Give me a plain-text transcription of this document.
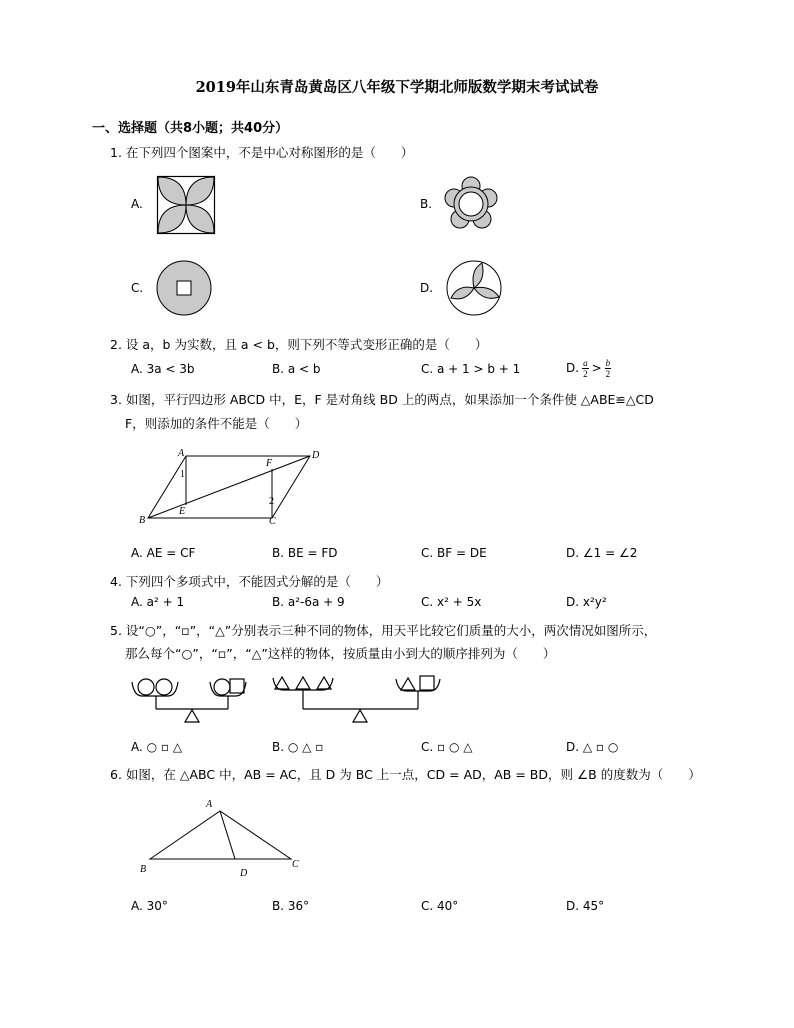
2019年山东青岛黄岛区八年级下学期北师版数学期末考试试卷
一、选择题（共8小题；共40分）
1. 在下列四个图案中，不是中心对称图形的是（　　）
A.	B.
C.	D.
2. 设 a，b 为实数，且 a < b，则下列不等式变形正确的是（　　）
A. 3a < 3b	B. a < b	C. a + 1 > b + 1	D. a
2 > b
2
3. 如图，平行四边形 ABCD 中，E，F 是对角线 BD 上的两点，如果添加一个条件使 △ABE≌△CD
F，则添加的条件不能是（　　）
A	D
B	C
E
F
1
2
A. AE = CF	B. BE = FD	C. BF = DE	D. ∠1 = ∠2
4. 下列四个多项式中，不能因式分解的是（　　）
A. a² + 1	B. a²-6a + 9	C. x² + 5x	D. x²y²
5. 设“○”，“▫”，“△”分别表示三种不同的物体，用天平比较它们质量的大小，两次情况如图所示，
那么每个“○”，“▫”，“△”这样的物体，按质量由小到大的顺序排列为（　　）
A. ○ ▫ △	B. ○ △ ▫	C. ▫ ○ △	D. △ ▫ ○
6. 如图，在 △ABC 中，AB = AC，且 D 为 BC 上一点，CD = AD，AB = BD，则 ∠B 的度数为（　　）
A
B	C
D
A. 30°	B. 36°	C. 40°	D. 45°
